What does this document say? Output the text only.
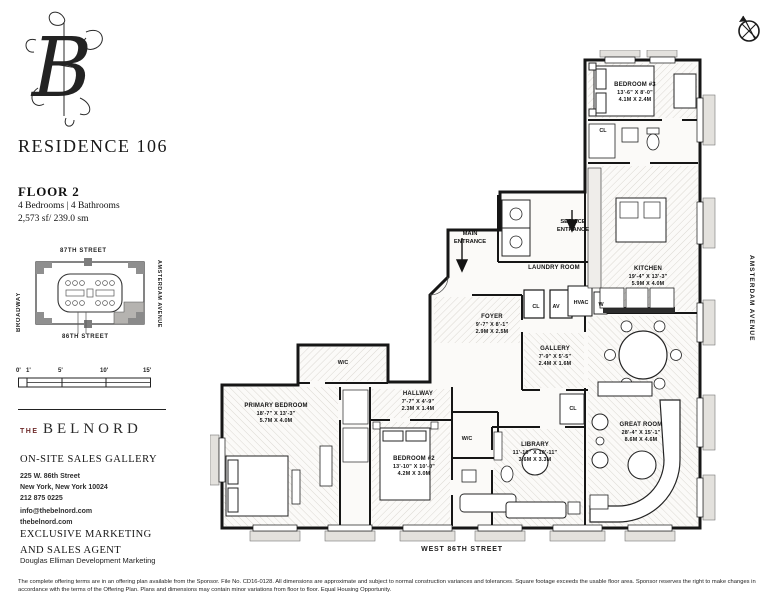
B
RESIDENCE 106
FLOOR 2
4 Bedrooms | 4 Bathrooms
2,573 sf/ 239.0 sm
87TH STREET
86TH STREET
BROADWAY	AMSTERDAM AVENUE
0' 1'	5'	10'	15'
THE BELNORD
ON-SITE SALES GALLERY
225 W. 86th Street
New York, New York 10024
212 875 0225
info@thebelnord.com
thebelnord.com
EXCLUSIVE MARKETING
AND SALES AGENT
Douglas Elliman Development Marketing
BEDROOM #3
13'-6" X 8'-0"
4.1M X 2.4M
KITCHEN
19'-4" X 13'-3"
5.9M X 4.0M
LAUNDRY ROOM
FOYER
9'-7" X 8'-1"
2.9M X 2.5M
GALLERY
7'-9" X 5'-5"
2.4M X 1.6M
GREAT ROOM
28'-4" X 15'-1"
8.6M X 4.6M
PRIMARY BEDROOM
18'-7" X 13'-3"
5.7M X 4.0M
HALLWAY
7'-7" X 4'-9"
2.3M X 1.4M
BEDROOM #2
13'-10" X 10'-0"
4.2M X 3.0M
LIBRARY
11'-10" X 10'-11"
3.6M X 3.3M
CL
CL AV
HVAC W
W/C
W/C
CL
MAIN ENTRANCE
SERVICE ENTRANCE
WEST 86TH STREET
AMSTERDAM AVENUE

The complete offering terms are in an offering plan available from the Sponsor. File No. CD16-0128. All dimensions are approximate and subject to normal construction variances and tolerances. Square footage exceeds the usable floor area. Sponsor reserves the right to make changes in accordance with the terms of the Offering Plan. Plans and dimensions may contain minor variations from floor to floor. Equal Housing Opportunity.
